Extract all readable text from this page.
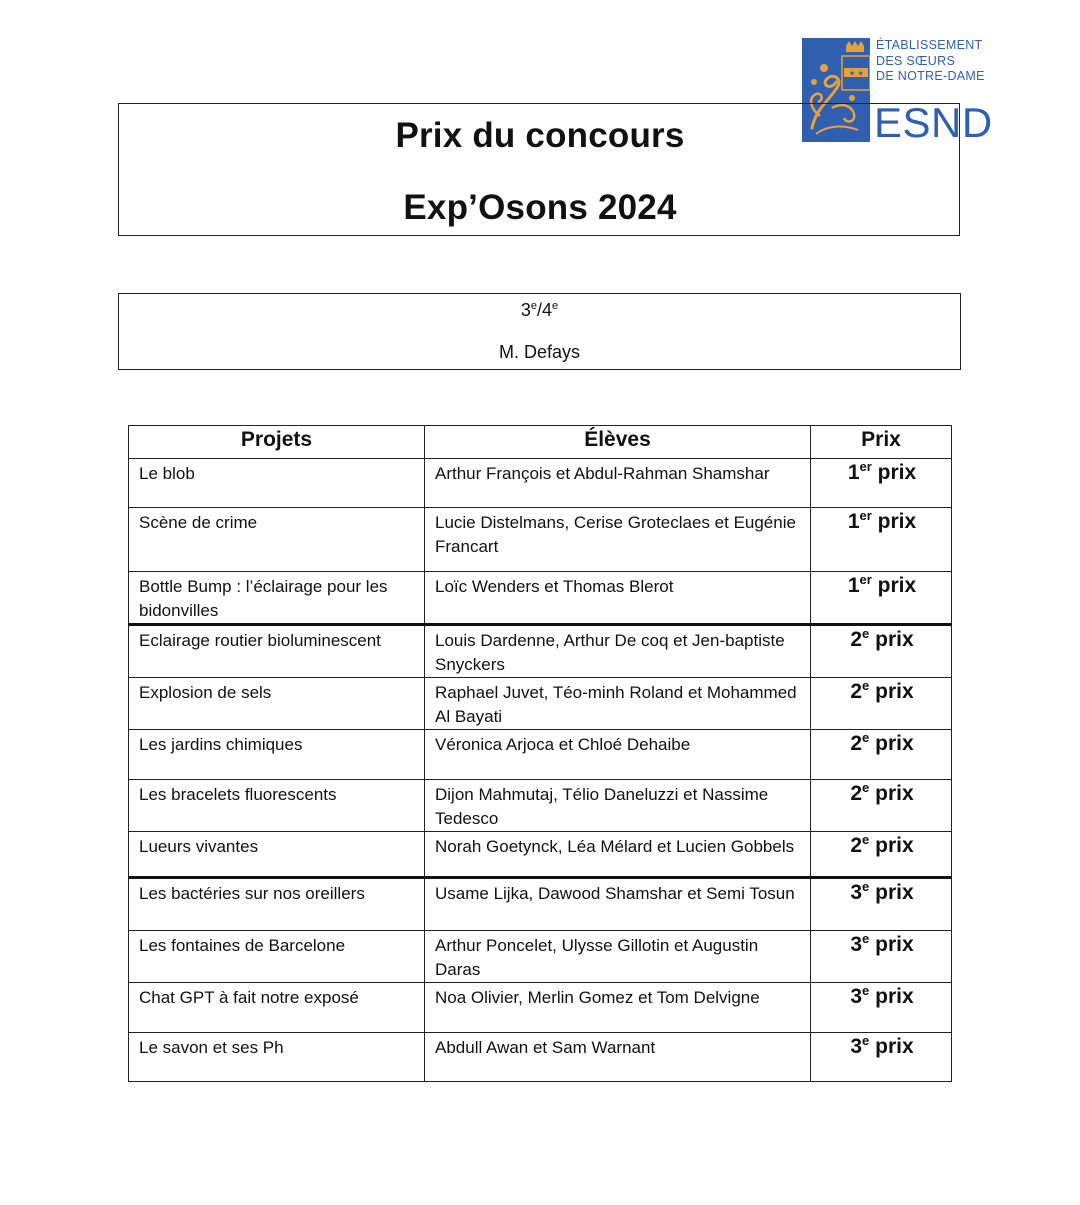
★ ★
ÉTABLISSEMENT
DES SŒURS
DE NOTRE-DAME
ESND
Prix du concours
Exp’Osons 2024
3e/4e
M. Defays
Projets	Élèves	Prix
Le blob	Arthur François et Abdul-Rahman Shamshar	1er prix
Scène de crime	Lucie Distelmans, Cerise Groteclaes et Eugénie Francart	1er prix
Bottle Bump : l’éclairage pour les bidonvilles	Loïc Wenders et Thomas Blerot	1er prix
Eclairage routier bioluminescent	Louis Dardenne, Arthur De coq et Jen-baptiste Snyckers	2e prix
Explosion de sels	Raphael Juvet, Téo-minh Roland et Mohammed Al Bayati	2e prix
Les jardins chimiques	Véronica Arjoca et Chloé Dehaibe	2e prix
Les bracelets fluorescents	Dijon Mahmutaj, Télio Daneluzzi et Nassime Tedesco	2e prix
Lueurs vivantes	Norah Goetynck, Léa Mélard et Lucien Gobbels	2e prix
Les bactéries sur nos oreillers	Usame Lijka, Dawood Shamshar et Semi Tosun	3e prix
Les fontaines de Barcelone	Arthur Poncelet, Ulysse Gillotin et Augustin Daras	3e prix
Chat GPT à fait notre exposé	Noa Olivier, Merlin Gomez et Tom Delvigne	3e prix
Le savon et ses Ph	Abdull Awan et Sam Warnant	3e prix
